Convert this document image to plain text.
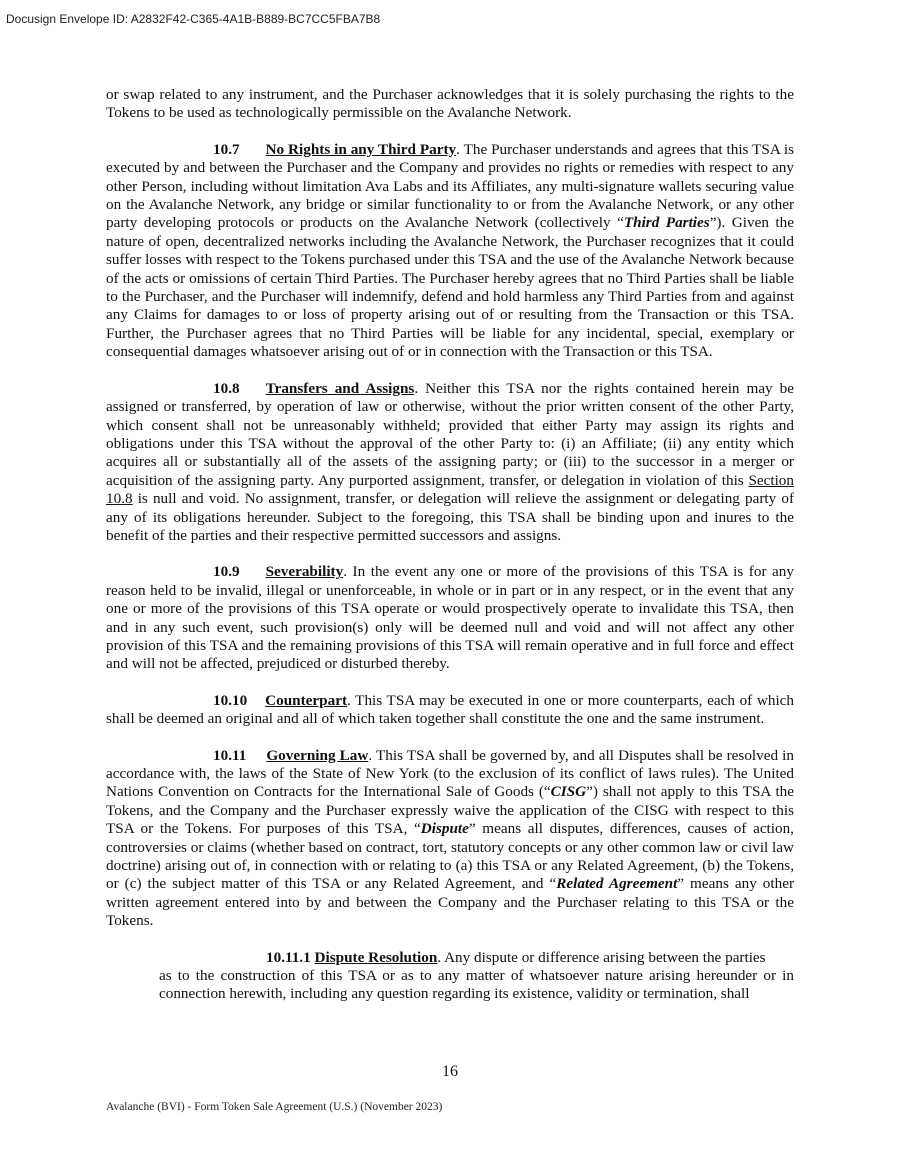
Docusign Envelope ID: A2832F42-C365-4A1B-B889-BC7CC5FBA7B8

or swap related to any instrument, and the Purchaser acknowledges that it is solely purchasing the rights to the Tokens to be used as technologically permissible on the Avalanche Network.

10.7 No Rights in any Third Party. The Purchaser understands and agrees that this TSA is executed by and between the Purchaser and the Company and provides no rights or remedies with respect to any other Person, including without limitation Ava Labs and its Affiliates, any multi-signature wallets securing value on the Avalanche Network, any bridge or similar functionality to or from the Avalanche Network, or any other party developing protocols or products on the Avalanche Network (collectively “Third Parties”). Given the nature of open, decentralized networks including the Avalanche Network, the Purchaser recognizes that it could suffer losses with respect to the Tokens purchased under this TSA and the use of the Avalanche Network because of the acts or omissions of certain Third Parties. The Purchaser hereby agrees that no Third Parties shall be liable to the Purchaser, and the Purchaser will indemnify, defend and hold harmless any Third Parties from and against any Claims for damages to or loss of property arising out of or resulting from the Transaction or this TSA. Further, the Purchaser agrees that no Third Parties will be liable for any incidental, special, exemplary or consequential damages whatsoever arising out of or in connection with the Transaction or this TSA.

10.8 Transfers and Assigns. Neither this TSA nor the rights contained herein may be assigned or transferred, by operation of law or otherwise, without the prior written consent of the other Party, which consent shall not be unreasonably withheld; provided that either Party may assign its rights and obligations under this TSA without the approval of the other Party to: (i) an Affiliate; (ii) any entity which acquires all or substantially all of the assets of the assigning party; or (iii) to the successor in a merger or acquisition of the assigning party. Any purported assignment, transfer, or delegation in violation of this Section 10.8 is null and void. No assignment, transfer, or delegation will relieve the assignment or delegating party of any of its obligations hereunder. Subject to the foregoing, this TSA shall be binding upon and inures to the benefit of the parties and their respective permitted successors and assigns.

10.9 Severability. In the event any one or more of the provisions of this TSA is for any reason held to be invalid, illegal or unenforceable, in whole or in part or in any respect, or in the event that any one or more of the provisions of this TSA operate or would prospectively operate to invalidate this TSA, then and in any such event, such provision(s) only will be deemed null and void and will not affect any other provision of this TSA and the remaining provisions of this TSA will remain operative and in full force and effect and will not be affected, prejudiced or disturbed thereby.

10.10 Counterpart. This TSA may be executed in one or more counterparts, each of which shall be deemed an original and all of which taken together shall constitute the one and the same instrument.

10.11 Governing Law. This TSA shall be governed by, and all Disputes shall be resolved in accordance with, the laws of the State of New York (to the exclusion of its conflict of laws rules). The United Nations Convention on Contracts for the International Sale of Goods (“CISG”) shall not apply to this TSA the Tokens, and the Company and the Purchaser expressly waive the application of the CISG with respect to this TSA or the Tokens. For purposes of this TSA, “Dispute” means all disputes, differences, causes of action, controversies or claims (whether based on contract, tort, statutory concepts or any other common law or civil law doctrine) arising out of, in connection with or relating to (a) this TSA or any Related Agreement, (b) the Tokens, or (c) the subject matter of this TSA or any Related Agreement, and “Related Agreement” means any other written agreement entered into by and between the Company and the Purchaser relating to this TSA or the Tokens.

10.11.1 Dispute Resolution. Any dispute or difference arising between the parties
as to the construction of this TSA or as to any matter of whatsoever nature arising hereunder or in connection herewith, including any question regarding its existence, validity or termination, shall
16
Avalanche (BVI) - Form Token Sale Agreement (U.S.) (November 2023)
